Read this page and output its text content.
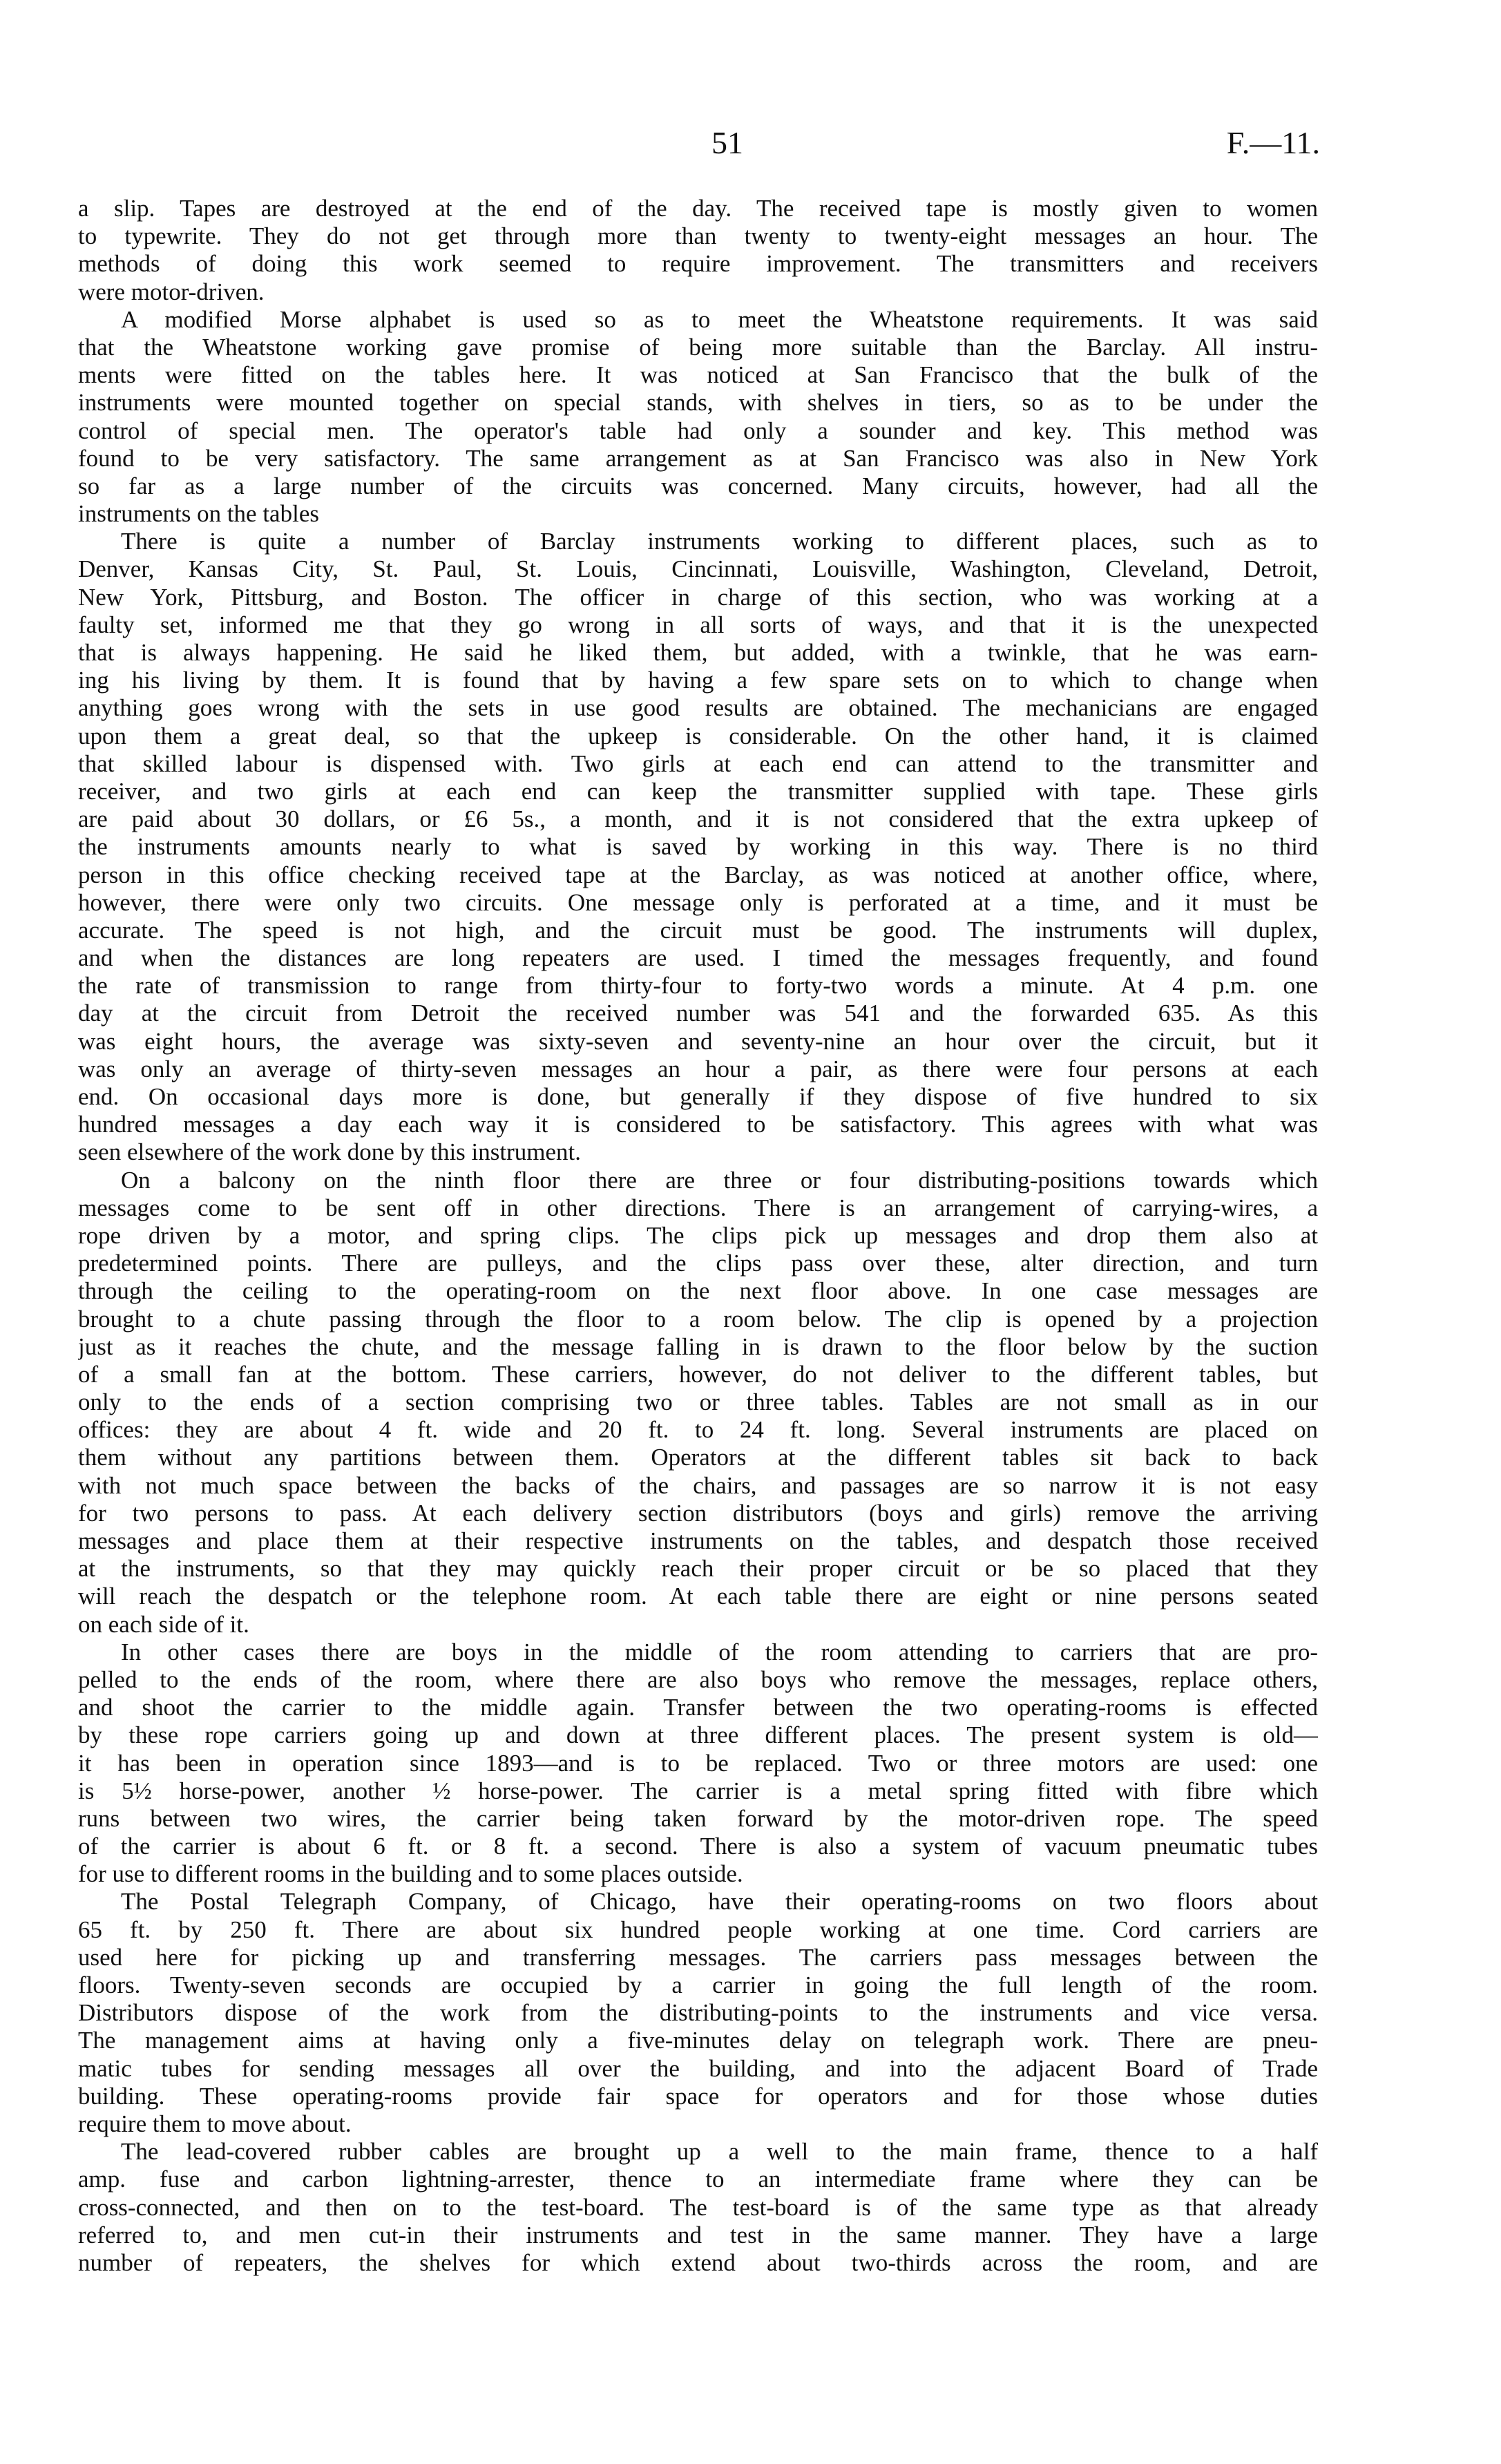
51	F.—11.
a slip. Tapes are destroyed at the end of the day. The received tape is mostly given to women
to typewrite. They do not get through more than twenty to twenty-eight messages an hour. The
methods of doing this work seemed to require improvement. The transmitters and receivers
were motor-driven.
A modified Morse alphabet is used so as to meet the Wheatstone requirements. It was said
that the Wheatstone working gave promise of being more suitable than the Barclay. All instru-
ments were fitted on the tables here. It was noticed at San Francisco that the bulk of the
instruments were mounted together on special stands, with shelves in tiers, so as to be under the
control of special men. The operator's table had only a sounder and key. This method was
found to be very satisfactory. The same arrangement as at San Francisco was also in New York
so far as a large number of the circuits was concerned. Many circuits, however, had all the
instruments on the tables
There is quite a number of Barclay instruments working to different places, such as to
Denver, Kansas City, St. Paul, St. Louis, Cincinnati, Louisville, Washington, Cleveland, Detroit,
New York, Pittsburg, and Boston. The officer in charge of this section, who was working at a
faulty set, informed me that they go wrong in all sorts of ways, and that it is the unexpected
that is always happening. He said he liked them, but added, with a twinkle, that he was earn-
ing his living by them. It is found that by having a few spare sets on to which to change when
anything goes wrong with the sets in use good results are obtained. The mechanicians are engaged
upon them a great deal, so that the upkeep is considerable. On the other hand, it is claimed
that skilled labour is dispensed with. Two girls at each end can attend to the transmitter and
receiver, and two girls at each end can keep the transmitter supplied with tape. These girls
are paid about 30 dollars, or £6 5s., a month, and it is not considered that the extra upkeep of
the instruments amounts nearly to what is saved by working in this way. There is no third
person in this office checking received tape at the Barclay, as was noticed at another office, where,
however, there were only two circuits. One message only is perforated at a time, and it must be
accurate. The speed is not high, and the circuit must be good. The instruments will duplex,
and when the distances are long repeaters are used. I timed the messages frequently, and found
the rate of transmission to range from thirty-four to forty-two words a minute. At 4 p.m. one
day at the circuit from Detroit the received number was 541 and the forwarded 635. As this
was eight hours, the average was sixty-seven and seventy-nine an hour over the circuit, but it
was only an average of thirty-seven messages an hour a pair, as there were four persons at each
end. On occasional days more is done, but generally if they dispose of five hundred to six
hundred messages a day each way it is considered to be satisfactory. This agrees with what was
seen elsewhere of the work done by this instrument.
On a balcony on the ninth floor there are three or four distributing-positions towards which
messages come to be sent off in other directions. There is an arrangement of carrying-wires, a
rope driven by a motor, and spring clips. The clips pick up messages and drop them also at
predetermined points. There are pulleys, and the clips pass over these, alter direction, and turn
through the ceiling to the operating-room on the next floor above. In one case messages are
brought to a chute passing through the floor to a room below. The clip is opened by a projection
just as it reaches the chute, and the message falling in is drawn to the floor below by the suction
of a small fan at the bottom. These carriers, however, do not deliver to the different tables, but
only to the ends of a section comprising two or three tables. Tables are not small as in our
offices: they are about 4 ft. wide and 20 ft. to 24 ft. long. Several instruments are placed on
them without any partitions between them. Operators at the different tables sit back to back
with not much space between the backs of the chairs, and passages are so narrow it is not easy
for two persons to pass. At each delivery section distributors (boys and girls) remove the arriving
messages and place them at their respective instruments on the tables, and despatch those received
at the instruments, so that they may quickly reach their proper circuit or be so placed that they
will reach the despatch or the telephone room. At each table there are eight or nine persons seated
on each side of it.
In other cases there are boys in the middle of the room attending to carriers that are pro-
pelled to the ends of the room, where there are also boys who remove the messages, replace others,
and shoot the carrier to the middle again. Transfer between the two operating-rooms is effected
by these rope carriers going up and down at three different places. The present system is old—
it has been in operation since 1893—and is to be replaced. Two or three motors are used: one
is 5½ horse-power, another ½ horse-power. The carrier is a metal spring fitted with fibre which
runs between two wires, the carrier being taken forward by the motor-driven rope. The speed
of the carrier is about 6 ft. or 8 ft. a second. There is also a system of vacuum pneumatic tubes
for use to different rooms in the building and to some places outside.
The Postal Telegraph Company, of Chicago, have their operating-rooms on two floors about
65 ft. by 250 ft. There are about six hundred people working at one time. Cord carriers are
used here for picking up and transferring messages. The carriers pass messages between the
floors. Twenty-seven seconds are occupied by a carrier in going the full length of the room.
Distributors dispose of the work from the distributing-points to the instruments and vice versa.
The management aims at having only a five-minutes delay on telegraph work. There are pneu-
matic tubes for sending messages all over the building, and into the adjacent Board of Trade
building. These operating-rooms provide fair space for operators and for those whose duties
require them to move about.
The lead-covered rubber cables are brought up a well to the main frame, thence to a half
amp. fuse and carbon lightning-arrester, thence to an intermediate frame where they can be
cross-connected, and then on to the test-board. The test-board is of the same type as that already
referred to, and men cut-in their instruments and test in the same manner. They have a large
number of repeaters, the shelves for which extend about two-thirds across the room, and are
